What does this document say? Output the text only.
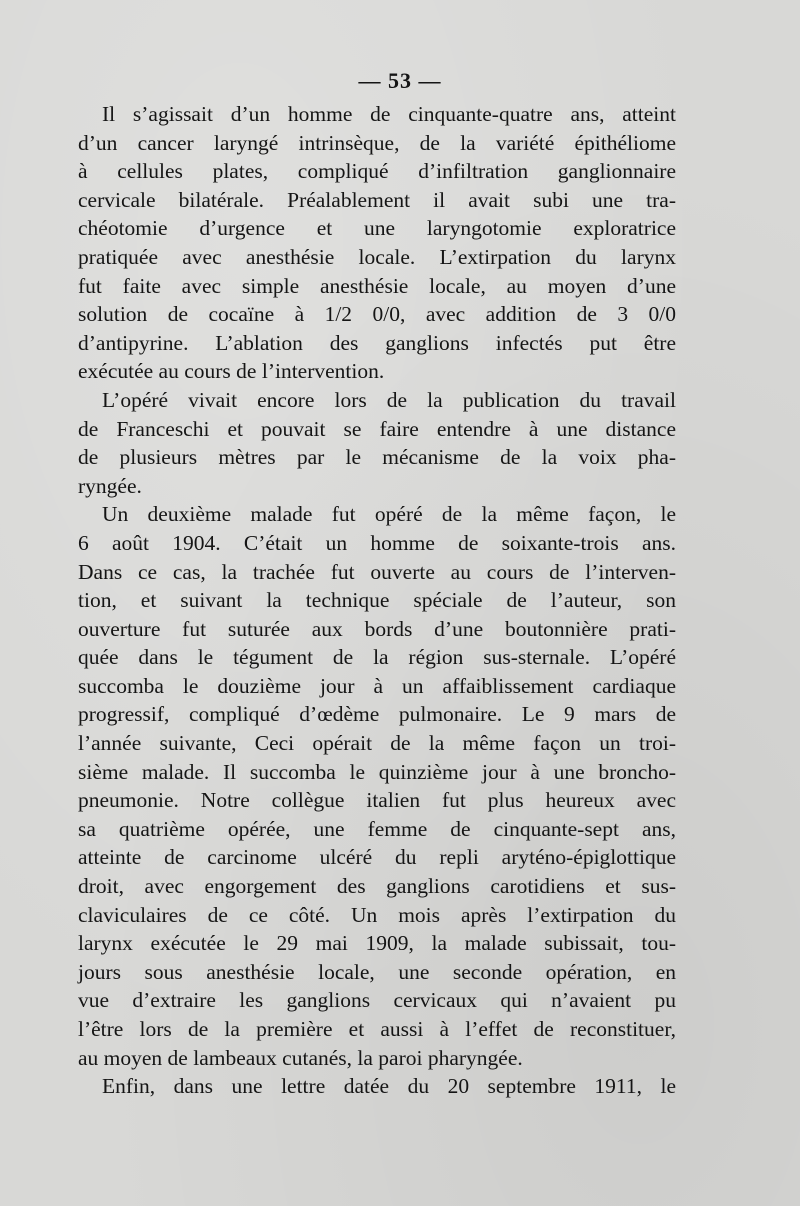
— 53 —
Il s’agissait d’un homme de cinquante-quatre ans, atteint
d’un cancer laryngé intrinsèque, de la variété épithéliome
à cellules plates, compliqué d’infiltration ganglionnaire
cervicale bilatérale. Préalablement il avait subi une tra-
chéotomie d’urgence et une laryngotomie exploratrice
pratiquée avec anesthésie locale. L’extirpation du larynx
fut faite avec simple anesthésie locale, au moyen d’une
solution de cocaïne à 1/2 0/0, avec addition de 3 0/0
d’antipyrine. L’ablation des ganglions infectés put être
exécutée au cours de l’intervention.
L’opéré vivait encore lors de la publication du travail
de Franceschi et pouvait se faire entendre à une distance
de plusieurs mètres par le mécanisme de la voix pha-
ryngée.
Un deuxième malade fut opéré de la même façon, le
6 août 1904. C’était un homme de soixante-trois ans.
Dans ce cas, la trachée fut ouverte au cours de l’interven-
tion, et suivant la technique spéciale de l’auteur, son
ouverture fut suturée aux bords d’une boutonnière prati-
quée dans le tégument de la région sus-sternale. L’opéré
succomba le douzième jour à un affaiblissement cardiaque
progressif, compliqué d’œdème pulmonaire. Le 9 mars de
l’année suivante, Ceci opérait de la même façon un troi-
sième malade. Il succomba le quinzième jour à une broncho-
pneumonie. Notre collègue italien fut plus heureux avec
sa quatrième opérée, une femme de cinquante-sept ans,
atteinte de carcinome ulcéré du repli aryténo-épiglottique
droit, avec engorgement des ganglions carotidiens et sus-
claviculaires de ce côté. Un mois après l’extirpation du
larynx exécutée le 29 mai 1909, la malade subissait, tou-
jours sous anesthésie locale, une seconde opération, en
vue d’extraire les ganglions cervicaux qui n’avaient pu
l’être lors de la première et aussi à l’effet de reconstituer,
au moyen de lambeaux cutanés, la paroi pharyngée.
Enfin, dans une lettre datée du 20 septembre 1911, le
